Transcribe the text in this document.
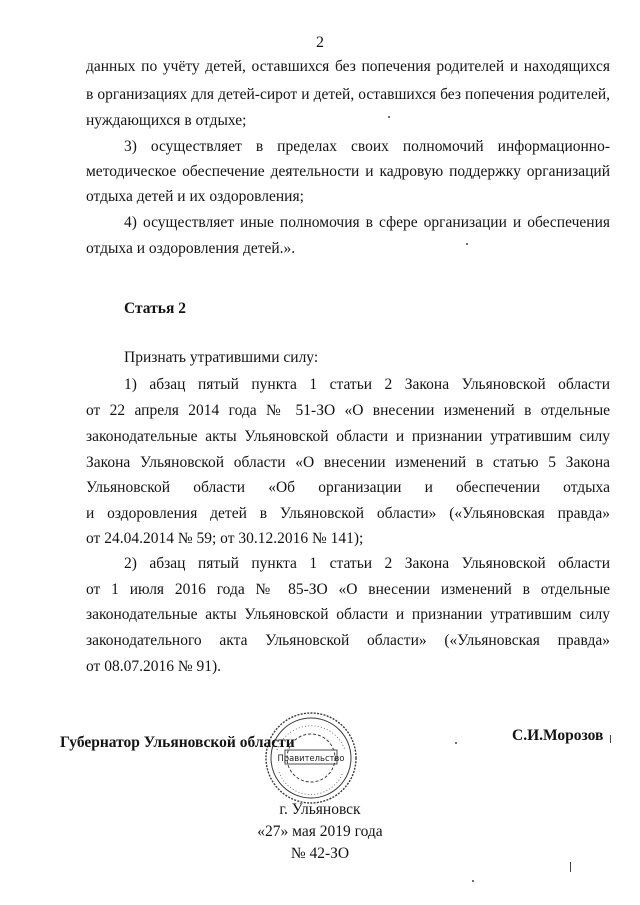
2
данных по учёту детей, оставшихся без попечения родителей и находящихся
в организациях для детей-сирот и детей, оставшихся без попечения родителей,
нуждающихся в отдыхе;
3) осуществляет в пределах своих полномочий информационно-
методическое обеспечение деятельности и кадровую поддержку организаций
отдыха детей и их оздоровления;
4) осуществляет иные полномочия в сфере организации и обеспечения
отдыха и оздоровления детей.».
Статья 2
Признать утратившими силу:
1) абзац пятый пункта 1 статьи 2 Закона Ульяновской области
от 22 апреля 2014 года № 51-ЗО «О внесении изменений в отдельные
законодательные акты Ульяновской области и признании утратившим силу
Закона Ульяновской области «О внесении изменений в статью 5 Закона
Ульяновской области «Об организации и обеспечении отдыха
и оздоровления детей в Ульяновской области» («Ульяновская правда»
от 24.04.2014 № 59; от 30.12.2016 № 141);
2) абзац пятый пункта 1 статьи 2 Закона Ульяновской области
от 1 июля 2016 года № 85-ЗО «О внесении изменений в отдельные
законодательные акты Ульяновской области и признании утратившим силу
законодательного акта Ульяновской области» («Ульяновская правда»
от 08.07.2016 № 91).
Правительство
Губернатор Ульяновской области	С.И.Морозов
г. Ульяновск
«27» мая 2019 года
№ 42-ЗО
